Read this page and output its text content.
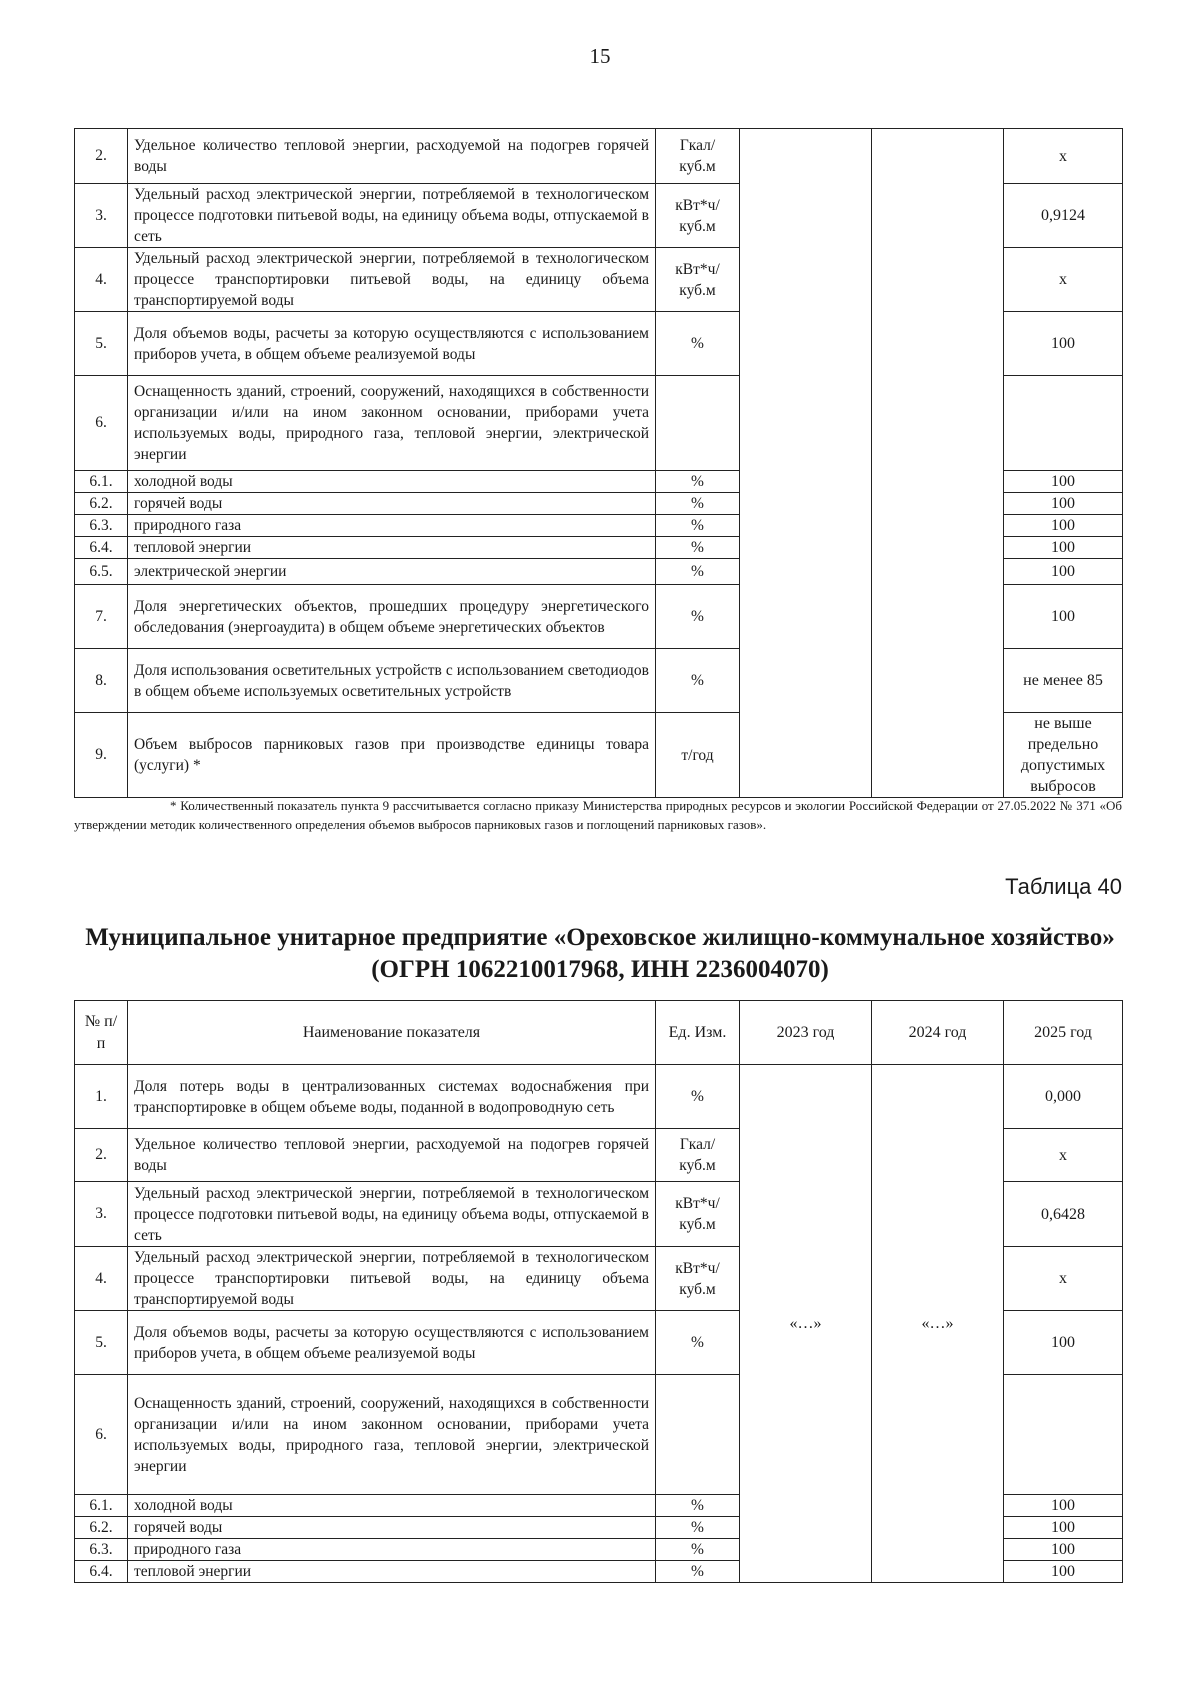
15
2.	Удельное количество тепловой энергии, расходуемой на подогрев горячей воды	Гкал/ куб.м			х
3.	Удельный расход электрической энергии, потребляемой в технологическом процессе подготовки питьевой воды, на единицу объема воды, отпускаемой в сеть	кВт*ч/ куб.м			0,9124
4.	Удельный расход электрической энергии, потребляемой в технологическом процессе транспортировки питьевой воды, на единицу объема транспортируемой воды	кВт*ч/ куб.м			х
5.	Доля объемов воды, расчеты за которую осуществляются с использованием приборов учета, в общем объеме реализуемой воды	%			100
6.	Оснащенность зданий, строений, сооружений, находящихся в собственности организации и/или на ином законном основании, приборами учета используемых воды, природного газа, тепловой энергии, электрической энергии				
6.1.	холодной воды	%			100
6.2.	горячей воды	%			100
6.3.	природного газа	%			100
6.4.	тепловой энергии	%			100
6.5.	электрической энергии	%			100
7.	Доля энергетических объектов, прошедших процедуру энергетического обследования (энергоаудита) в общем объеме энергетических объектов	%			100
8.	Доля использования осветительных устройств с использованием светодиодов в общем объеме используемых осветительных устройств	%			не менее 85
9.	Объем выбросов парниковых газов при производстве единицы товара (услуги) *	т/год			не выше предельно допустимых выбросов
* Количественный показатель пункта 9 рассчитывается согласно приказу Министерства природных ресурсов и экологии Российской Федерации от 27.05.2022 № 371 «Об утверждении методик количественного определения объемов выбросов парниковых газов и поглощений парниковых газов».
Таблица 40
Муниципальное унитарное предприятие «Ореховское жилищно-коммунальное хозяйство»
(ОГРН 1062210017968, ИНН 2236004070)
№ п/п	Наименование показателя	Ед. Изм.	2023 год	2024 год	2025 год
1.	Доля потерь воды в централизованных системах водоснабжения при транспортировке в общем объеме воды, поданной в водопроводную сеть	%	«…»	«…»	0,000
2.	Удельное количество тепловой энергии, расходуемой на подогрев горячей воды	Гкал/ куб.м			х
3.	Удельный расход электрической энергии, потребляемой в технологическом процессе подготовки питьевой воды, на единицу объема воды, отпускаемой в сеть	кВт*ч/ куб.м			0,6428
4.	Удельный расход электрической энергии, потребляемой в технологическом процессе транспортировки питьевой воды, на единицу объема транспортируемой воды	кВт*ч/ куб.м			х
5.	Доля объемов воды, расчеты за которую осуществляются с использованием приборов учета, в общем объеме реализуемой воды	%			100
6.	Оснащенность зданий, строений, сооружений, находящихся в собственности организации и/или на ином законном основании, приборами учета используемых воды, природного газа, тепловой энергии, электрической энергии				
6.1.	холодной воды	%			100
6.2.	горячей воды	%			100
6.3.	природного газа	%			100
6.4.	тепловой энергии	%			100
